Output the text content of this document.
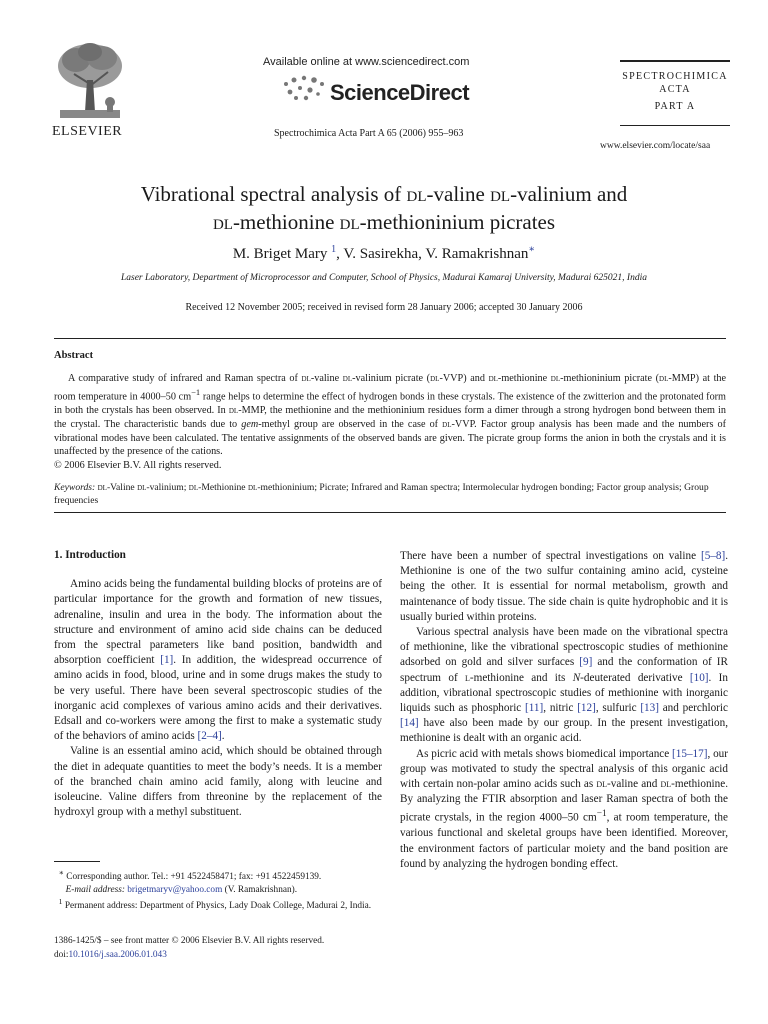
ELSEVIER
Available online at www.sciencedirect.com
ScienceDirect
Spectrochimica Acta Part A 65 (2006) 955–963
SPECTROCHIMICA
ACTA
PART A
www.elsevier.com/locate/saa
Vibrational spectral analysis of dl-valine dl-valinium and
dl-methionine dl-methioninium picrates
M. Briget Mary $^1$, V. Sasirekha, V. Ramakrishnan∗
Laser Laboratory, Department of Microprocessor and Computer, School of Physics, Madurai Kamaraj University, Madurai 625021, India
Received 12 November 2005; received in revised form 28 January 2006; accepted 30 January 2006
Abstract

A comparative study of infrared and Raman spectra of dl-valine dl-valinium picrate (dl-VVP) and dl-methionine dl-methioninium picrate (dl-MMP) at the room temperature in 4000–50 $cm^{-1}$ range helps to determine the effect of hydrogen bonds in these crystals. The existence of the zwitterion and the protonated form in both the crystals has been observed. In dl-MMP, the methionine and the methioninium residues form a dimer through a strong hydrogen bond between them in the crystal. The characteristic bands due to gem-methyl group are observed in the case of dl-VVP. Factor group analysis has been made and the numbers of vibrational modes have been calculated. The tentative assignments of the observed bands are given. The picrate group forms the anion in both the crystals and it is unaffected by the presence of the cations.

© 2006 Elsevier B.V. All rights reserved.
Keywords: dl-Valine dl-valinium; dl-Methionine dl-methioninium; Picrate; Infrared and Raman spectra; Intermolecular hydrogen bonding; Factor group analysis; Group frequencies
1. Introduction

Amino acids being the fundamental building blocks of proteins are of particular importance for the growth and formation of new tissues, adrenaline, insulin and urea in the body. The information about the structure and environment of amino acid side chains can be deduced from the spectral parameters like band position, bandwidth and absorption coefficient [1]. In addition, the widespread occurrence of amino acids in food, blood, urine and in some drugs makes the study to be very useful. There have been several spectroscopic studies of the inorganic acid complexes of various amino acids and their derivatives. Edsall and co-workers were among the first to make a systematic study of the behaviors of amino acids [2–4].

Valine is an essential amino acid, which should be obtained through the diet in adequate quantities to meet the body’s needs. It is a member of the branched chain amino acid family, along with leucine and isoleucine. Valine differs from threonine by the replacement of the hydroxyl group with a methyl substituent.

There have been a number of spectral investigations on valine [5–8]. Methionine is one of the two sulfur containing amino acid, cysteine being the other. It is essential for normal metabolism, growth and maintenance of body tissue. The side chain is quite hydrophobic and it is usually buried within proteins.

Various spectral analysis have been made on the vibrational spectra of methionine, like the vibrational spectroscopic studies of methionine adsorbed on gold and silver surfaces [9] and the conformation of IR spectrum of l-methionine and its N-deuterated derivative [10]. In addition, vibrational spectroscopic studies of methionine with inorganic liquids such as phosphoric [11], nitric [12], sulfuric [13] and perchloric [14] have also been made by our group. In the present investigation, methionine is dealt with an organic acid.

As picric acid with metals shows biomedical importance [15–17], our group was motivated to study the spectral analysis of this organic acid with certain non-polar amino acids such as dl-valine and dl-methionine. By analyzing the FTIR absorption and laser Raman spectra of both the picrate crystals, in the region 4000–50 $cm^{-1}$, at room temperature, the various functional and skeletal groups have been identified. Moreover, the environment factors of particular moiety and the band position are found by analyzing the hydrogen bonding effect.

∗ Corresponding author. Tel.: +91 4522458471; fax: +91 4522459139.
E-mail address: brigetmaryv@yahoo.com (V. Ramakrishnan).
$^1$ Permanent address: Department of Physics, Lady Doak College, Madurai 2, India.
1386-1425/$ – see front matter © 2006 Elsevier B.V. All rights reserved.
doi:10.1016/j.saa.2006.01.043
